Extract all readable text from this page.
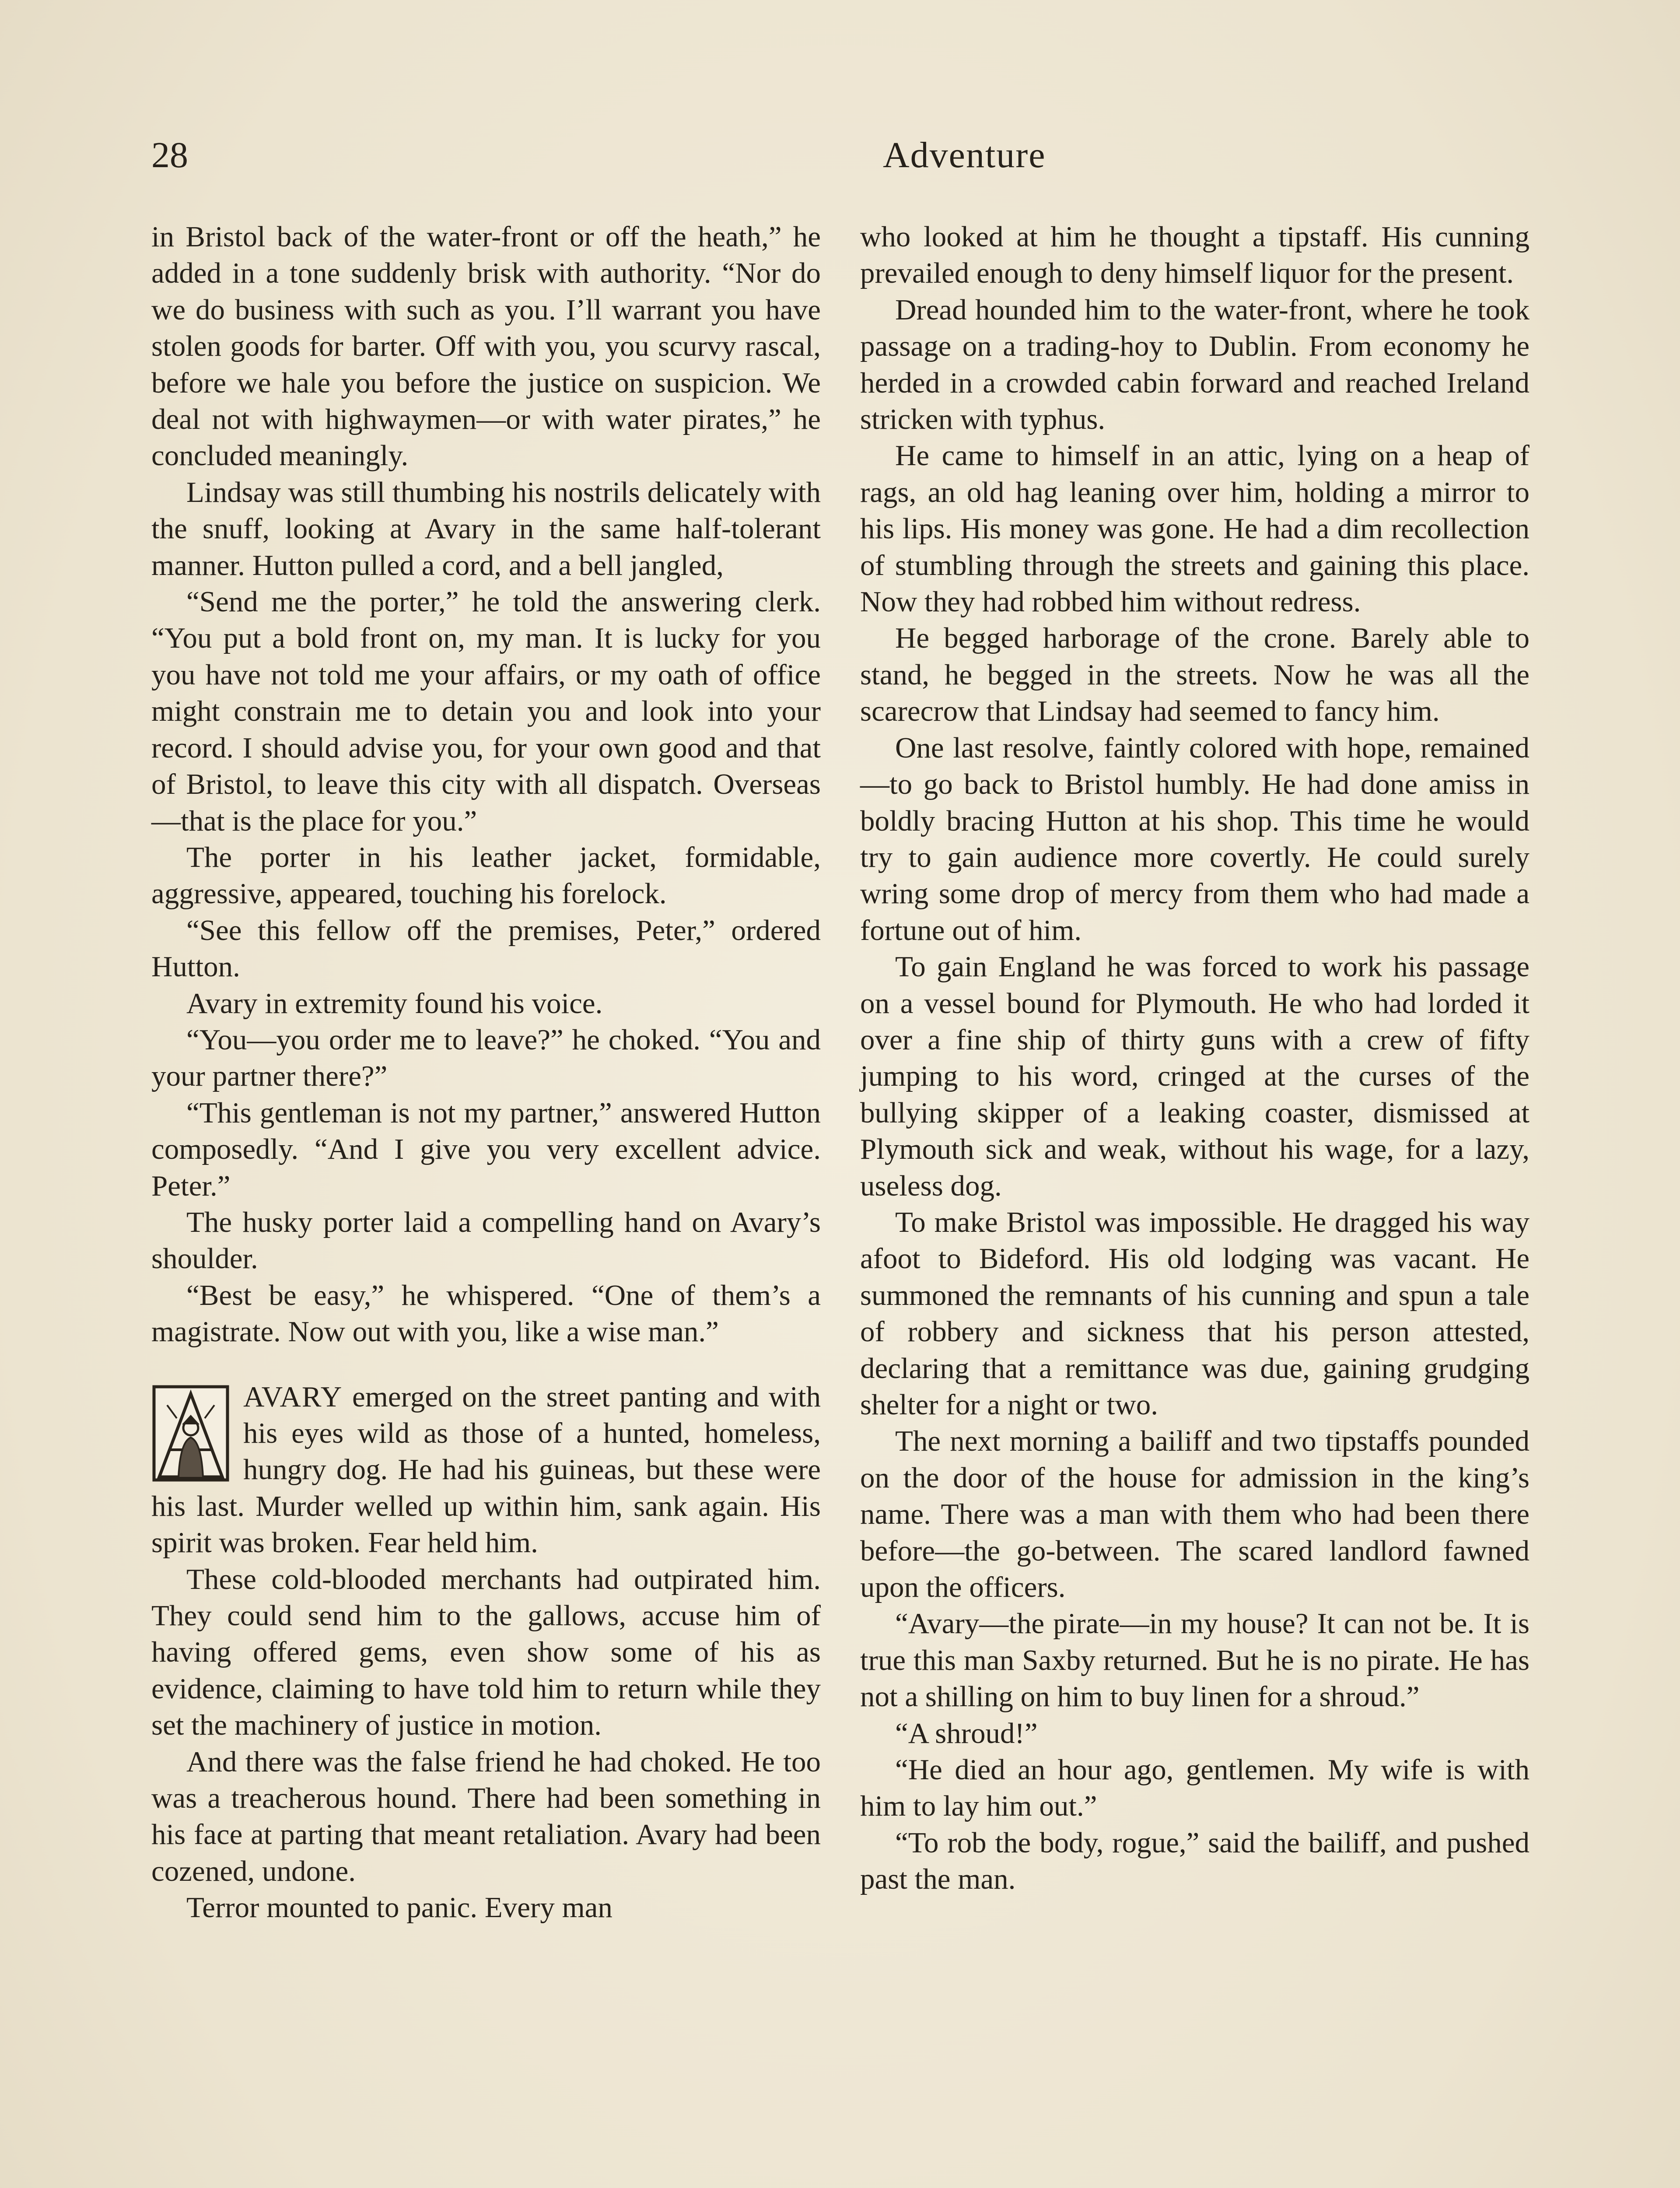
28	Adventure

in Bristol back of the water-front or off the heath,” he added in a tone suddenly brisk with authority. “Nor do we do business with such as you. I’ll warrant you have stolen goods for barter. Off with you, you scurvy rascal, before we hale you before the justice on suspicion. We deal not with highwaymen—or with water pirates,” he concluded meaningly.

Lindsay was still thumbing his nostrils delicately with the snuff, looking at Avary in the same half-tolerant manner. Hutton pulled a cord, and a bell jangled,

“Send me the porter,” he told the answering clerk. “You put a bold front on, my man. It is lucky for you you have not told me your affairs, or my oath of office might constrain me to detain you and look into your record. I should advise you, for your own good and that of Bristol, to leave this city with all dispatch. Overseas—that is the place for you.”

The porter in his leather jacket, formidable, aggressive, appeared, touching his forelock.

“See this fellow off the premises, Peter,” ordered Hutton.

Avary in extremity found his voice.

“You—you order me to leave?” he choked. “You and your partner there?”

“This gentleman is not my partner,” answered Hutton composedly. “And I give you very excellent advice. Peter.”

The husky porter laid a compelling hand on Avary’s shoulder.

“Best be easy,” he whispered. “One of them’s a magistrate. Now out with you, like a wise man.”

AVARY emerged on the street panting and with his eyes wild as those of a hunted, homeless, hungry dog. He had his guineas, but these were his last. Murder welled up within him, sank again. His spirit was broken. Fear held him.

These cold-blooded merchants had outpirated him. They could send him to the gallows, accuse him of having offered gems, even show some of his as evidence, claiming to have told him to return while they set the machinery of justice in motion.

And there was the false friend he had choked. He too was a treacherous hound. There had been something in his face at parting that meant retaliation. Avary had been cozened, undone.

Terror mounted to panic. Every man

who looked at him he thought a tipstaff. His cunning prevailed enough to deny himself liquor for the present.

Dread hounded him to the water-front, where he took passage on a trading-hoy to Dublin. From economy he herded in a crowded cabin forward and reached Ireland stricken with typhus.

He came to himself in an attic, lying on a heap of rags, an old hag leaning over him, holding a mirror to his lips. His money was gone. He had a dim recollection of stumbling through the streets and gaining this place. Now they had robbed him without redress.

He begged harborage of the crone. Barely able to stand, he begged in the streets. Now he was all the scarecrow that Lindsay had seemed to fancy him.

One last resolve, faintly colored with hope, remained—to go back to Bristol humbly. He had done amiss in boldly bracing Hutton at his shop. This time he would try to gain audience more covertly. He could surely wring some drop of mercy from them who had made a fortune out of him.

To gain England he was forced to work his passage on a vessel bound for Plymouth. He who had lorded it over a fine ship of thirty guns with a crew of fifty jumping to his word, cringed at the curses of the bullying skipper of a leaking coaster, dismissed at Plymouth sick and weak, without his wage, for a lazy, useless dog.

To make Bristol was impossible. He dragged his way afoot to Bideford. His old lodging was vacant. He summoned the remnants of his cunning and spun a tale of robbery and sickness that his person attested, declaring that a remittance was due, gaining grudging shelter for a night or two.

The next morning a bailiff and two tipstaffs pounded on the door of the house for admission in the king’s name. There was a man with them who had been there before—the go-between. The scared landlord fawned upon the officers.

“Avary—the pirate—in my house? It can not be. It is true this man Saxby returned. But he is no pirate. He has not a shilling on him to buy linen for a shroud.”

“A shroud!”

“He died an hour ago, gentlemen. My wife is with him to lay him out.”

“To rob the body, rogue,” said the bailiff, and pushed past the man.
